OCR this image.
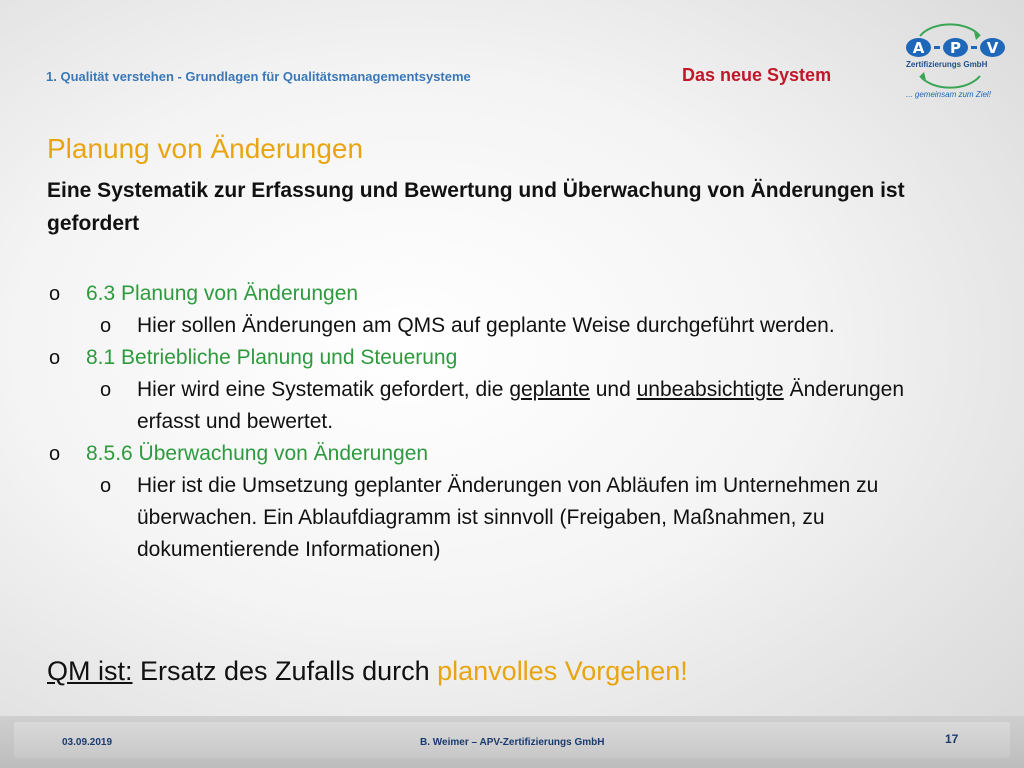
1. Qualität verstehen - Grundlagen für Qualitätsmanagementsysteme	Das neue System
A	P	V
Zertifizierungs GmbH
... gemeinsam zum Ziel!
Planung von Änderungen
Eine Systematik zur Erfassung und Bewertung und Überwachung von Änderungen ist gefordert
o 6.3 Planung von Änderungen
o Hier sollen Änderungen am QMS auf geplante Weise durchgeführt werden.
o 8.1 Betriebliche Planung und Steuerung
o Hier wird eine Systematik gefordert, die geplante und unbeabsichtigte Änderungen erfasst und bewertet.
o 8.5.6 Überwachung von Änderungen
o Hier ist die Umsetzung geplanter Änderungen von Abläufen im Unternehmen zu überwachen. Ein Ablaufdiagramm ist sinnvoll (Freigaben, Maßnahmen, zu dokumentierende Informationen)
QM ist: Ersatz des Zufalls durch planvolles Vorgehen!
03.09.2019	B. Weimer – APV-Zertifizierungs GmbH	17
